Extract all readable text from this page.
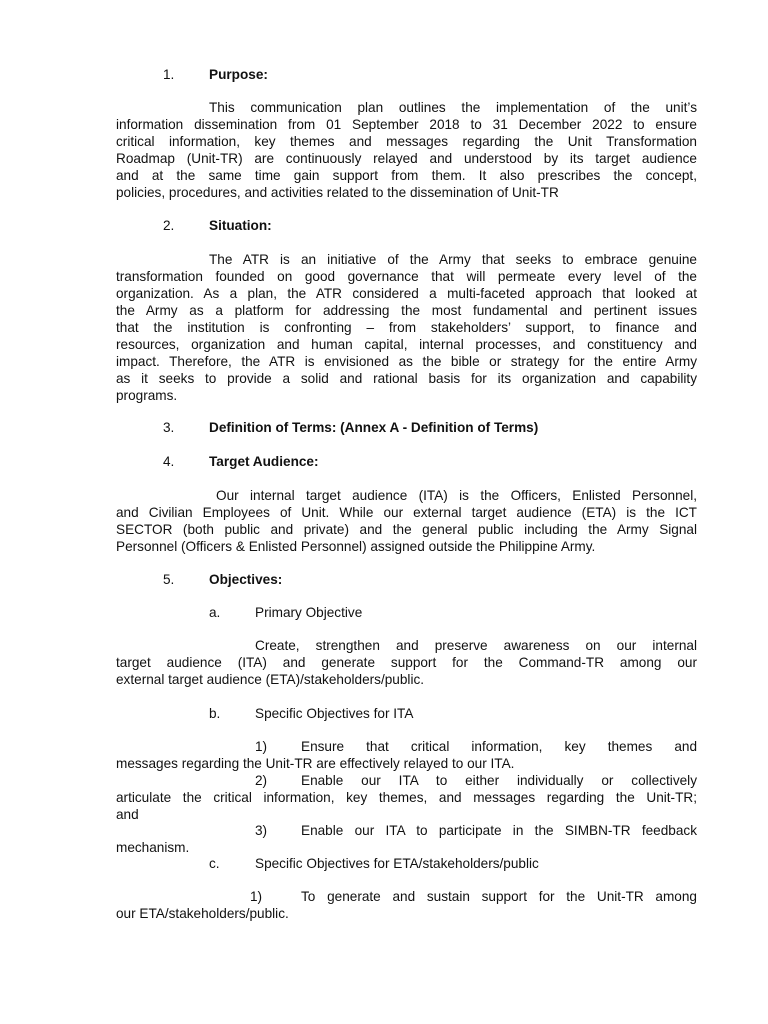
1.	Purpose:
This communication plan outlines the implementation of the unit’s
information dissemination from 01 September 2018 to 31 December 2022 to ensure
critical information, key themes and messages regarding the Unit Transformation
Roadmap (Unit-TR) are continuously relayed and understood by its target audience
and at the same time gain support from them. It also prescribes the concept,
policies, procedures, and activities related to the dissemination of Unit-TR
2.	Situation:
The ATR is an initiative of the Army that seeks to embrace genuine
transformation founded on good governance that will permeate every level of the
organization. As a plan, the ATR considered a multi-faceted approach that looked at
the Army as a platform for addressing the most fundamental and pertinent issues
that the institution is confronting – from stakeholders’ support, to finance and
resources, organization and human capital, internal processes, and constituency and
impact. Therefore, the ATR is envisioned as the bible or strategy for the entire Army
as it seeks to provide a solid and rational basis for its organization and capability
programs.
3.	Definition of Terms: (Annex A - Definition of Terms)
4.	Target Audience:
Our internal target audience (ITA) is the Officers, Enlisted Personnel,
and Civilian Employees of Unit. While our external target audience (ETA) is the ICT
SECTOR (both public and private) and the general public including the Army Signal
Personnel (Officers & Enlisted Personnel) assigned outside the Philippine Army.
5.	Objectives:
a.	Primary Objective
Create, strengthen and preserve awareness on our internal
target audience (ITA) and generate support for the Command-TR among our
external target audience (ETA)/stakeholders/public.
b.	Specific Objectives for ITA
1) Ensure that critical information, key themes and
messages regarding the Unit-TR are effectively relayed to our ITA.
2) Enable our ITA to either individually or collectively
articulate the critical information, key themes, and messages regarding the Unit-TR;
and
3) Enable our ITA to participate in the SIMBN-TR feedback
mechanism.
c.	Specific Objectives for ETA/stakeholders/public
1)	To generate and sustain support for the Unit-TR among
our ETA/stakeholders/public.
